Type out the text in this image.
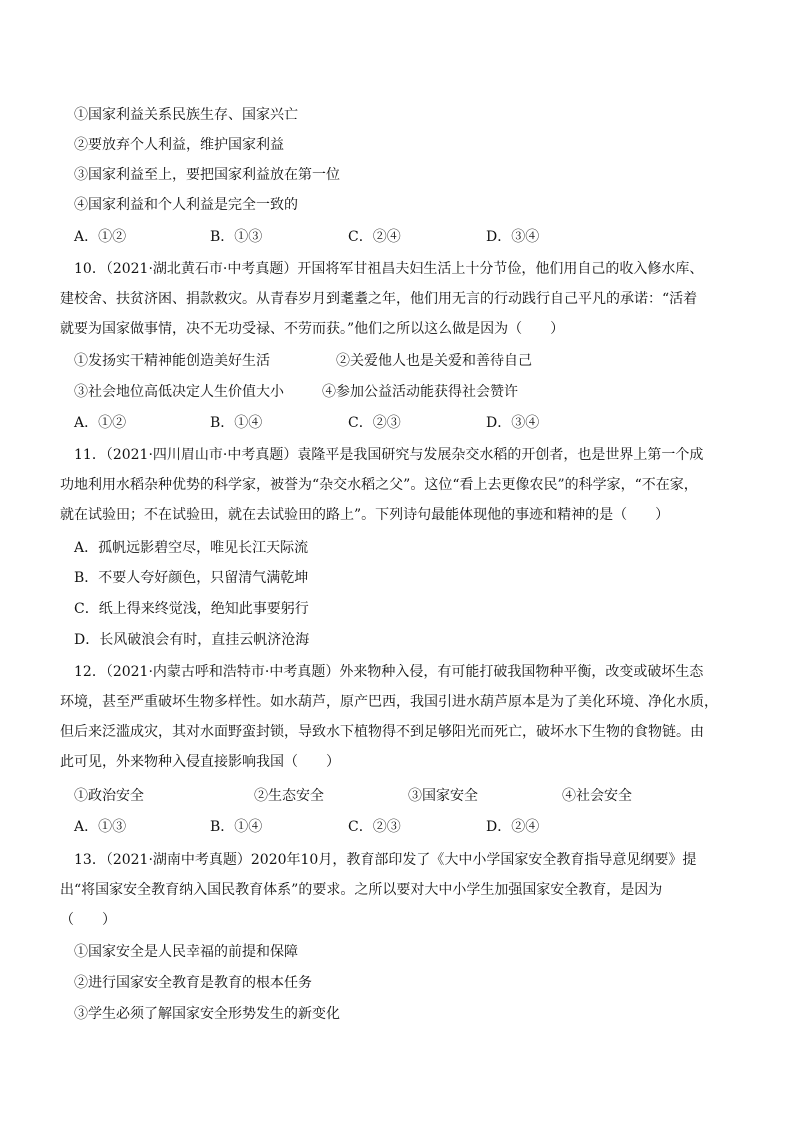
①国家利益关系民族生存、国家兴亡
②要放弃个人利益，维护国家利益
③国家利益至上，要把国家利益放在第一位
④国家利益和个人利益是完全一致的
A．①②	B．①③	C．②④	D．③④
10．（2021·湖北黄石市·中考真题）开国将军甘祖昌夫妇生活上十分节俭，他们用自己的收入修水库、
建校舍、扶贫济困、捐款救灾。从青春岁月到耄耋之年，他们用无言的行动践行自己平凡的承诺：“活着
就要为国家做事情，决不无功受禄、不劳而获。”他们之所以这么做是因为（　　）
①发扬实干精神能创造美好生活	②关爱他人也是关爱和善待自己
③社会地位高低决定人生价值大小	④参加公益活动能获得社会赞许
A．①②	B．①④	C．②③	D．③④
11．（2021·四川眉山市·中考真题）袁隆平是我国研究与发展杂交水稻的开创者，也是世界上第一个成
功地利用水稻杂种优势的科学家，被誉为“杂交水稻之父”。这位“看上去更像农民”的科学家，“不在家，
就在试验田；不在试验田，就在去试验田的路上”。下列诗句最能体现他的事迹和精神的是（　　）
A．孤帆远影碧空尽，唯见长江天际流
B．不要人夸好颜色，只留清气满乾坤
C．纸上得来终觉浅，绝知此事要躬行
D．长风破浪会有时，直挂云帆济沧海
12．（2021·内蒙古呼和浩特市·中考真题）外来物种入侵，有可能打破我国物种平衡，改变或破坏生态
环境，甚至严重破坏生物多样性。如水葫芦，原产巴西，我国引进水葫芦原本是为了美化环境、净化水质，
但后来泛滥成灾，其对水面野蛮封锁，导致水下植物得不到足够阳光而死亡，破坏水下生物的食物链。由
此可见，外来物种入侵直接影响我国（　　）
①政治安全	②生态安全	③国家安全	④社会安全
A．①③	B．①④	C．②③	D．②④
13．（2021·湖南中考真题）2020年10月，教育部印发了《大中小学国家安全教育指导意见纲要》提
出“将国家安全教育纳入国民教育体系”的要求。之所以要对大中小学生加强国家安全教育，是因为
（　　）
①国家安全是人民幸福的前提和保障
②进行国家安全教育是教育的根本任务
③学生必须了解国家安全形势发生的新变化
